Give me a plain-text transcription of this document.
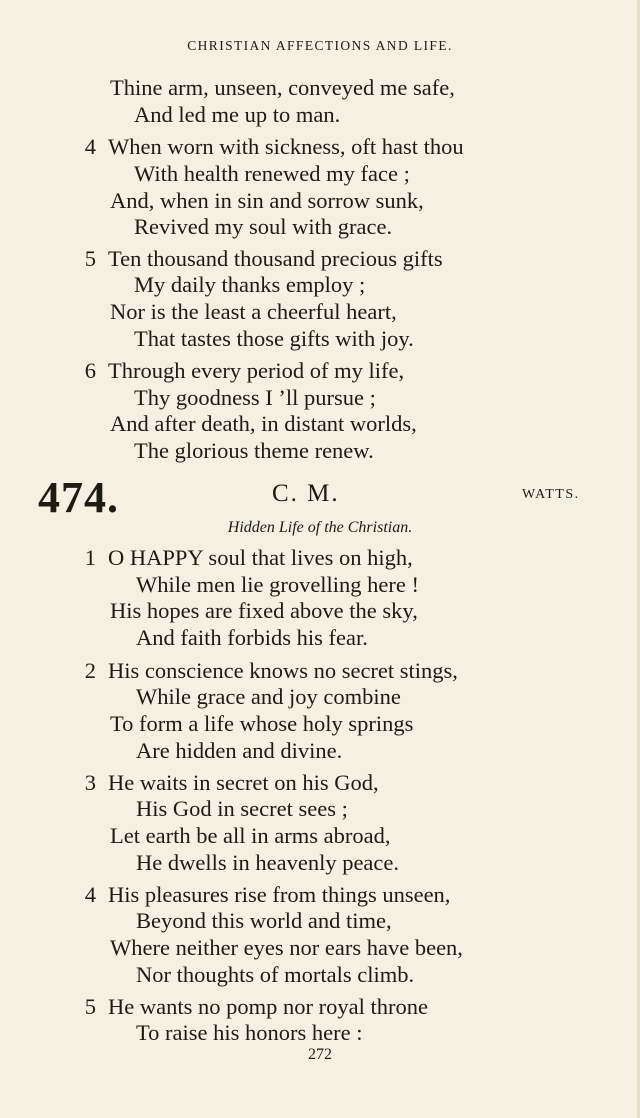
CHRISTIAN AFFECTIONS AND LIFE.
Thine arm, unseen, conveyed me safe,
And led me up to man.
4 When worn with sickness, oft hast thou
With health renewed my face ;
And, when in sin and sorrow sunk,
Revived my soul with grace.
5 Ten thousand thousand precious gifts
My daily thanks employ ;
Nor is the least a cheerful heart,
That tastes those gifts with joy.
6 Through every period of my life,
Thy goodness I ’ll pursue ;
And after death, in distant worlds,
The glorious theme renew.
474.	C. M.	WATTS.
Hidden Life of the Christian.
1 O HAPPY soul that lives on high,
While men lie grovelling here !
His hopes are fixed above the sky,
And faith forbids his fear.
2 His conscience knows no secret stings,
While grace and joy combine
To form a life whose holy springs
Are hidden and divine.
3 He waits in secret on his God,
His God in secret sees ;
Let earth be all in arms abroad,
He dwells in heavenly peace.
4 His pleasures rise from things unseen,
Beyond this world and time,
Where neither eyes nor ears have been,
Nor thoughts of mortals climb.
5 He wants no pomp nor royal throne
To raise his honors here :
272
